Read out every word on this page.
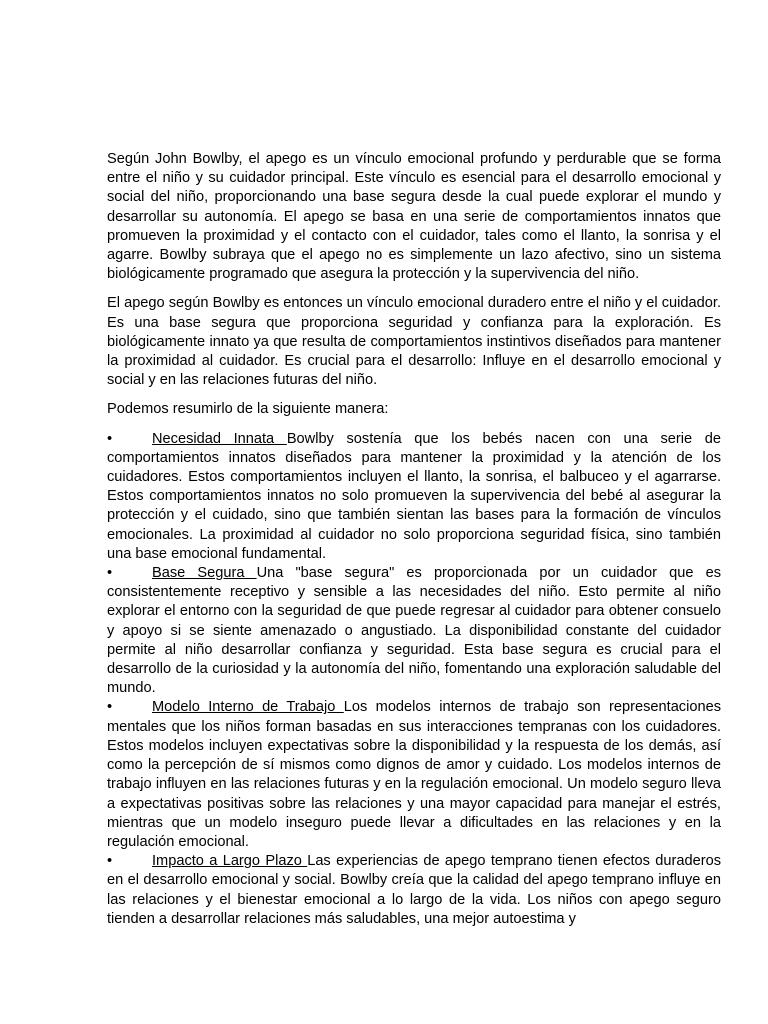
Según John Bowlby, el apego es un vínculo emocional profundo y perdurable que se forma entre el niño y su cuidador principal. Este vínculo es esencial para el desarrollo emocional y social del niño, proporcionando una base segura desde la cual puede explorar el mundo y desarrollar su autonomía. El apego se basa en una serie de comportamientos innatos que promueven la proximidad y el contacto con el cuidador, tales como el llanto, la sonrisa y el agarre. Bowlby subraya que el apego no es simplemente un lazo afectivo, sino un sistema biológicamente programado que asegura la protección y la supervivencia del niño.

El apego según Bowlby es entonces un vínculo emocional duradero entre el niño y el cuidador. Es una base segura que proporciona seguridad y confianza para la exploración. Es biológicamente innato ya que resulta de comportamientos instintivos diseñados para mantener la proximidad al cuidador. Es crucial para el desarrollo: Influye en el desarrollo emocional y social y en las relaciones futuras del niño.

Podemos resumirlo de la siguiente manera:

•	Necesidad Innata Bowlby sostenía que los bebés nacen con una serie de comportamientos innatos diseñados para mantener la proximidad y la atención de los cuidadores. Estos comportamientos incluyen el llanto, la sonrisa, el balbuceo y el agarrarse. Estos comportamientos innatos no solo promueven la supervivencia del bebé al asegurar la protección y el cuidado, sino que también sientan las bases para la formación de vínculos emocionales. La proximidad al cuidador no solo proporciona seguridad física, sino también una base emocional fundamental.

•	Base Segura Una "base segura" es proporcionada por un cuidador que es consistentemente receptivo y sensible a las necesidades del niño. Esto permite al niño explorar el entorno con la seguridad de que puede regresar al cuidador para obtener consuelo y apoyo si se siente amenazado o angustiado. La disponibilidad constante del cuidador permite al niño desarrollar confianza y seguridad. Esta base segura es crucial para el desarrollo de la curiosidad y la autonomía del niño, fomentando una exploración saludable del mundo.

•	Modelo Interno de Trabajo Los modelos internos de trabajo son representaciones mentales que los niños forman basadas en sus interacciones tempranas con los cuidadores. Estos modelos incluyen expectativas sobre la disponibilidad y la respuesta de los demás, así como la percepción de sí mismos como dignos de amor y cuidado. Los modelos internos de trabajo influyen en las relaciones futuras y en la regulación emocional. Un modelo seguro lleva a expectativas positivas sobre las relaciones y una mayor capacidad para manejar el estrés, mientras que un modelo inseguro puede llevar a dificultades en las relaciones y en la regulación emocional.

•	Impacto a Largo Plazo Las experiencias de apego temprano tienen efectos duraderos en el desarrollo emocional y social. Bowlby creía que la calidad del apego temprano influye en las relaciones y el bienestar emocional a lo largo de la vida. Los niños con apego seguro tienden a desarrollar relaciones más saludables, una mejor autoestima y
